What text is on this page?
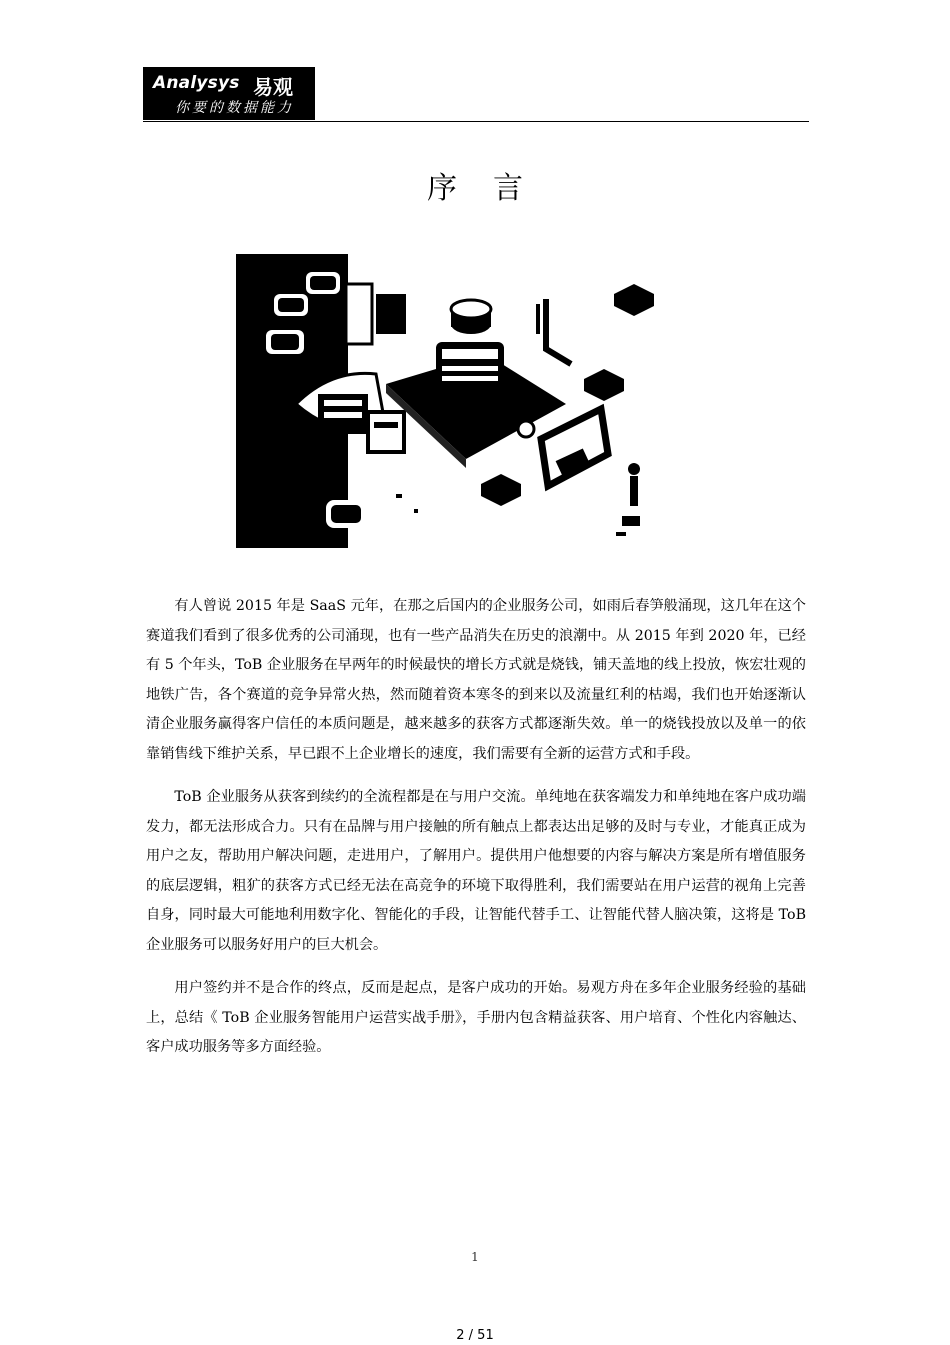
Analysys 易观
你要的数据能力
序言

有人曾说 2015 年是 SaaS 元年，在那之后国内的企业服务公司，如雨后春笋般涌现，这几年在这个赛道我们看到了很多优秀的公司涌现，也有一些产品消失在历史的浪潮中。从 2015 年到 2020 年，已经有 5 个年头，ToB 企业服务在早两年的时候最快的增长方式就是烧钱，铺天盖地的线上投放，恢宏壮观的地铁广告，各个赛道的竞争异常火热，然而随着资本寒冬的到来以及流量红利的枯竭，我们也开始逐渐认清企业服务赢得客户信任的本质问题是，越来越多的获客方式都逐渐失效。单一的烧钱投放以及单一的依靠销售线下维护关系，早已跟不上企业增长的速度，我们需要有全新的运营方式和手段。

ToB 企业服务从获客到续约的全流程都是在与用户交流。单纯地在获客端发力和单纯地在客户成功端发力，都无法形成合力。只有在品牌与用户接触的所有触点上都表达出足够的及时与专业，才能真正成为用户之友，帮助用户解决问题，走进用户，了解用户。提供用户他想要的内容与解决方案是所有增值服务的底层逻辑，粗犷的获客方式已经无法在高竞争的环境下取得胜利，我们需要站在用户运营的视角上完善自身，同时最大可能地利用数字化、智能化的手段，让智能代替手工、让智能代替人脑决策，这将是 ToB 企业服务可以服务好用户的巨大机会。

用户签约并不是合作的终点，反而是起点，是客户成功的开始。易观方舟在多年企业服务经验的基础上，总结《 ToB 企业服务智能用户运营实战手册》，手册内包含精益获客、用户培育、个性化内容触达、客户成功服务等多方面经验。

1
2 / 51
